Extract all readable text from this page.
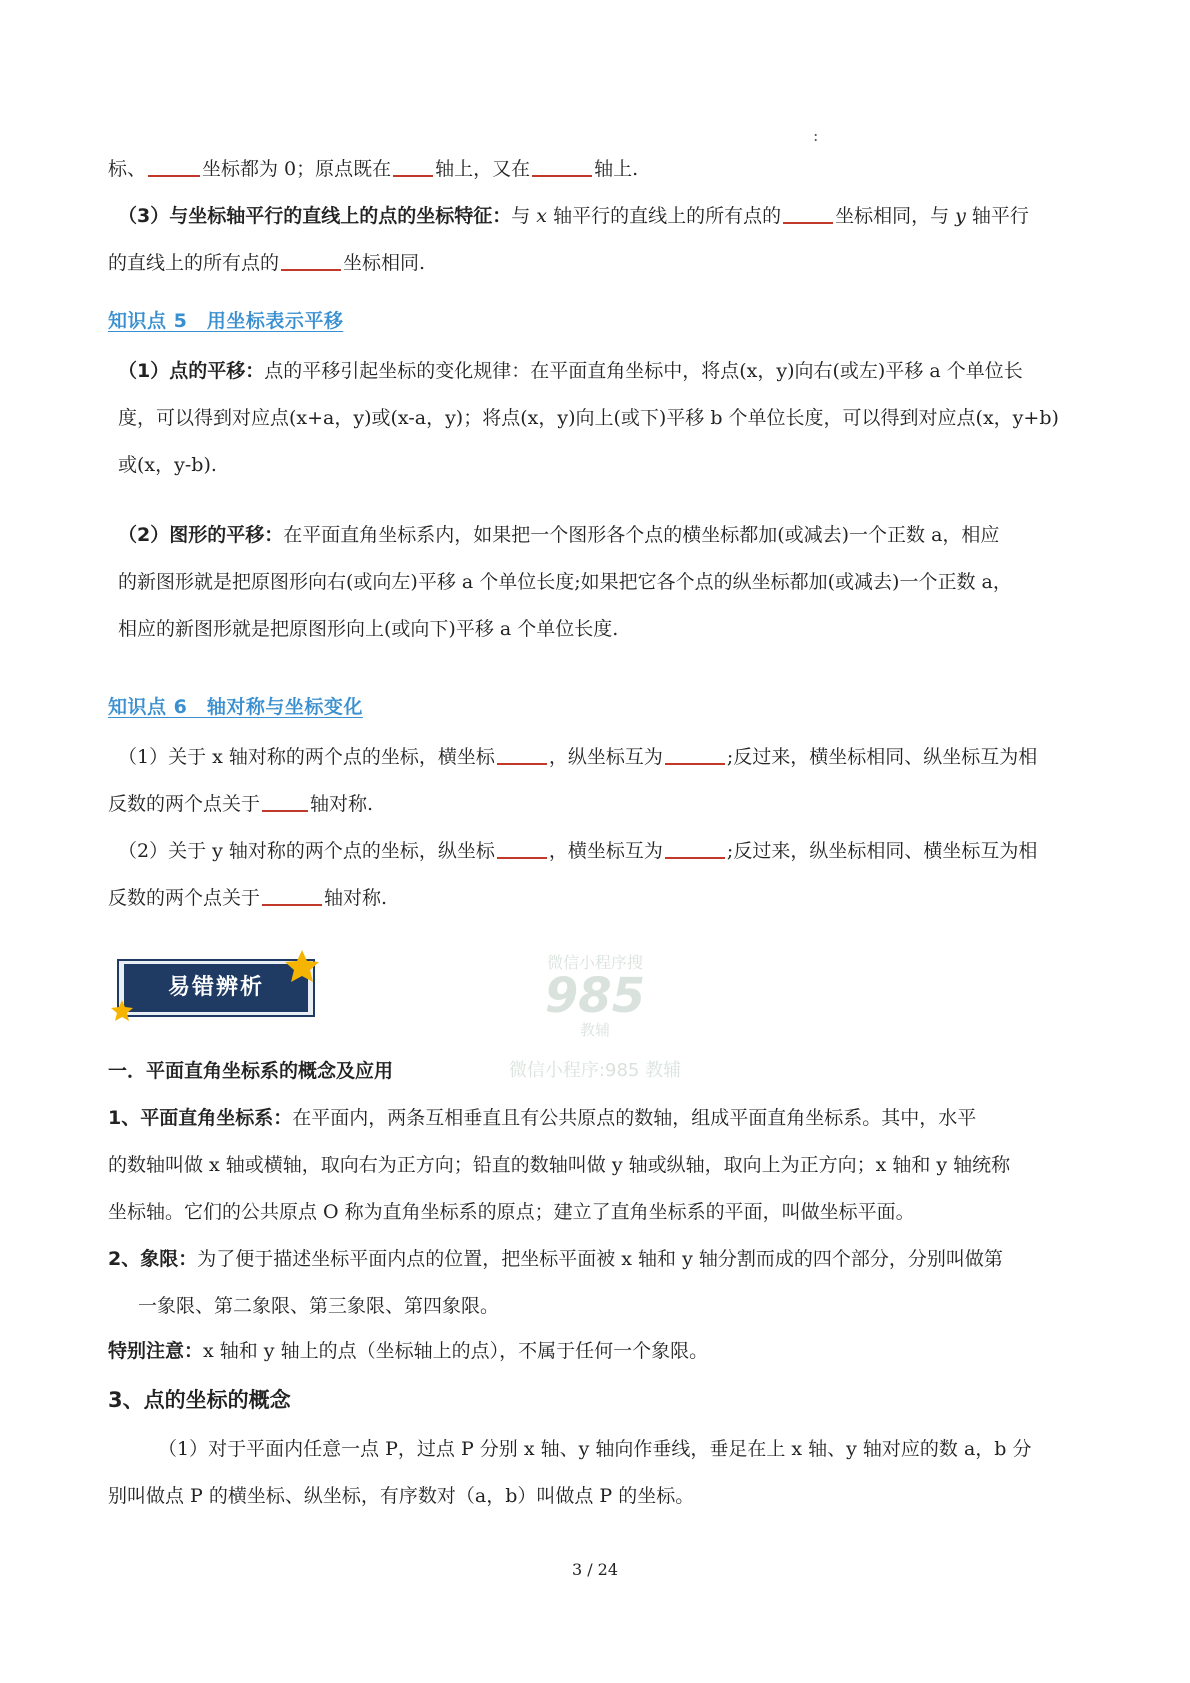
:
标、	坐标都为 0；原点既在 轴上，又在	轴上.
（3）与坐标轴平行的直线上的点的坐标特征：与 x 轴平行的直线上的所有点的	坐标相同，与 y 轴平行
的直线上的所有点的	坐标相同.
知识点 5　用坐标表示平移
（1）点的平移：点的平移引起坐标的变化规律：在平面直角坐标中，将点(x，y)向右(或左)平移 a 个单位长
度，可以得到对应点(x+a，y)或(x-a，y)；将点(x，y)向上(或下)平移 b 个单位长度，可以得到对应点(x，y+b)
或(x，y-b).
（2）图形的平移：在平面直角坐标系内，如果把一个图形各个点的横坐标都加(或减去)一个正数 a，相应
的新图形就是把原图形向右(或向左)平移 a 个单位长度;如果把它各个点的纵坐标都加(或减去)一个正数 a，
相应的新图形就是把原图形向上(或向下)平移 a 个单位长度.
知识点 6　轴对称与坐标变化
（1）关于 x 轴对称的两个点的坐标，横坐标	，纵坐标互为	;反过来，横坐标相同、纵坐标互为相
反数的两个点关于	轴对称.
（2）关于 y 轴对称的两个点的坐标，纵坐标	，横坐标互为	;反过来，纵坐标相同、横坐标互为相
反数的两个点关于	轴对称.
易错辨析
微信小程序搜
985
教辅
微信小程序:985 教辅
一．平面直角坐标系的概念及应用
1、平面直角坐标系：在平面内，两条互相垂直且有公共原点的数轴，组成平面直角坐标系。其中，水平
的数轴叫做 x 轴或横轴，取向右为正方向；铅直的数轴叫做 y 轴或纵轴，取向上为正方向；x 轴和 y 轴统称
坐标轴。它们的公共原点 O 称为直角坐标系的原点；建立了直角坐标系的平面，叫做坐标平面。
2、象限：为了便于描述坐标平面内点的位置，把坐标平面被 x 轴和 y 轴分割而成的四个部分，分别叫做第
一象限、第二象限、第三象限、第四象限。
特别注意：x 轴和 y 轴上的点（坐标轴上的点），不属于任何一个象限。
3、点的坐标的概念
（1）对于平面内任意一点 P，过点 P 分别 x 轴、y 轴向作垂线，垂足在上 x 轴、y 轴对应的数 a，b 分
别叫做点 P 的横坐标、纵坐标，有序数对（a，b）叫做点 P 的坐标。
3 / 24
